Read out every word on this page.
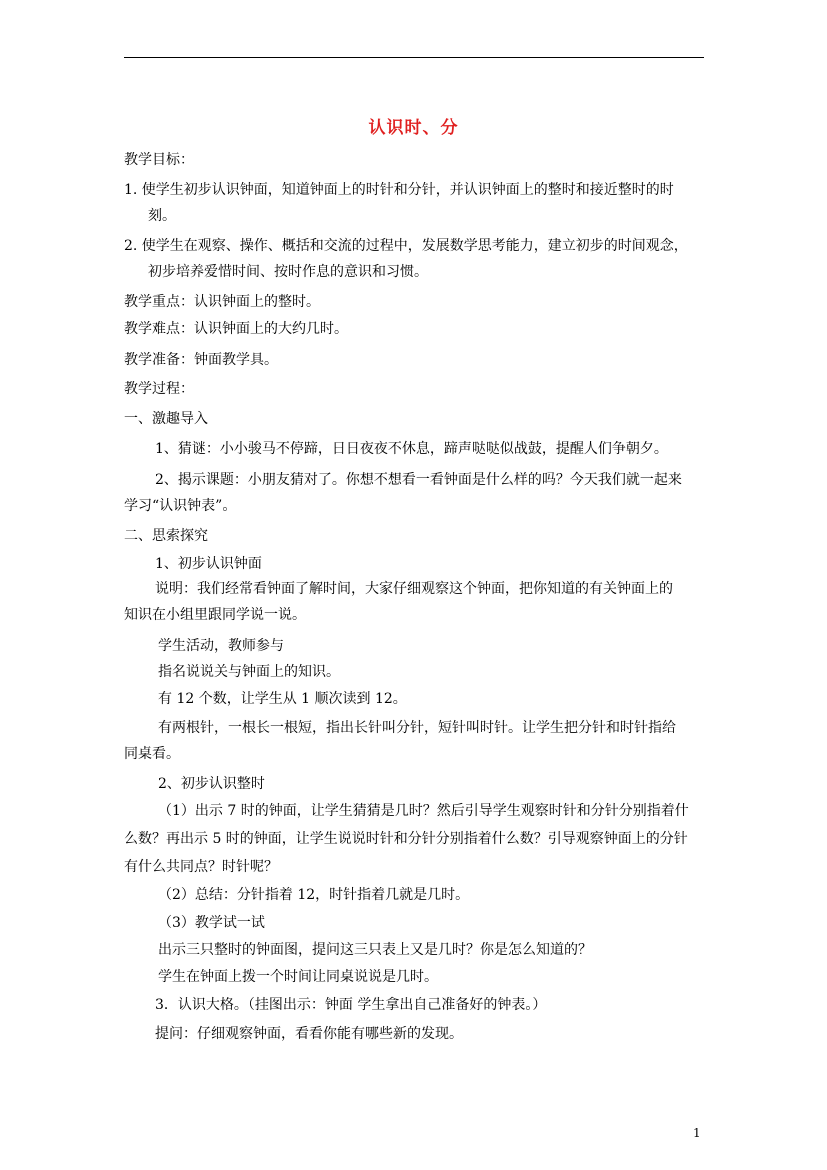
认识时、分
教学目标：
1. 使学生初步认识钟面，知道钟面上的时针和分针，并认识钟面上的整时和接近整时的时
刻。
2. 使学生在观察、操作、概括和交流的过程中，发展数学思考能力，建立初步的时间观念，
初步培养爱惜时间、按时作息的意识和习惯。
教学重点：认识钟面上的整时。
教学难点：认识钟面上的大约几时。
教学准备：钟面教学具。
教学过程：
一、激趣导入
1、猜谜：小小骏马不停蹄，日日夜夜不休息，蹄声哒哒似战鼓，提醒人们争朝夕。
2、揭示课题：小朋友猜对了。你想不想看一看钟面是什么样的吗？今天我们就一起来
学习“认识钟表”。
二、思索探究
1、初步认识钟面
说明：我们经常看钟面了解时间，大家仔细观察这个钟面，把你知道的有关钟面上的
知识在小组里跟同学说一说。
学生活动，教师参与
指名说说关与钟面上的知识。
有 12 个数，让学生从 1 顺次读到 12。
有两根针，一根长一根短，指出长针叫分针，短针叫时针。让学生把分针和时针指给
同桌看。
2、初步认识整时
（1）出示 7 时的钟面，让学生猜猜是几时？然后引导学生观察时针和分针分别指着什
么数？再出示 5 时的钟面，让学生说说时针和分针分别指着什么数？引导观察钟面上的分针
有什么共同点？时针呢？
（2）总结：分针指着 12，时针指着几就是几时。
（3）教学试一试
出示三只整时的钟面图，提问这三只表上又是几时？你是怎么知道的？
学生在钟面上拨一个时间让同桌说说是几时。
3．认识大格。（挂图出示：钟面 学生拿出自己准备好的钟表。）
提问：仔细观察钟面，看看你能有哪些新的发现。
1
